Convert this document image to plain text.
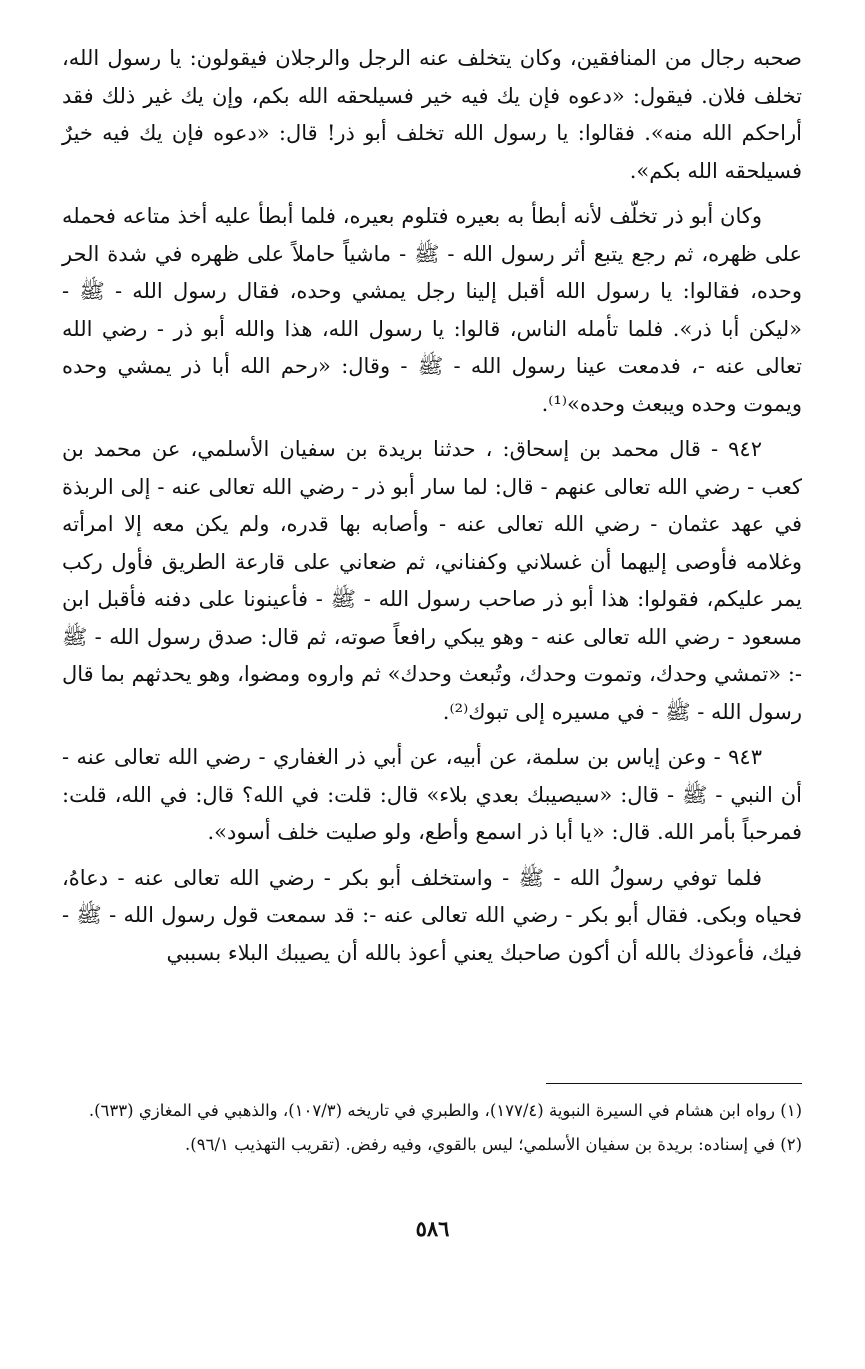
صحبه رجال من المنافقين، وكان يتخلف عنه الرجل والرجلان فيقولون: يا رسول الله، تخلف فلان. فيقول: «دعوه فإن يك فيه خير فسيلحقه الله بكم، وإن يك غير ذلك فقد أراحكم الله منه». فقالوا: يا رسول الله تخلف أبو ذر! قال: «دعوه فإن يك فيه خيرٌ فسيلحقه الله بكم».

وكان أبو ذر تخلّف لأنه أبطأ به بعيره فتلوم بعيره، فلما أبطأ عليه أخذ متاعه فحمله على ظهره، ثم رجع يتبع أثر رسول الله - ﷺ - ماشياً حاملاً على ظهره في شدة الحر وحده، فقالوا: يا رسول الله أقبل إلينا رجل يمشي وحده، فقال رسول الله - ﷺ - «ليكن أبا ذر». فلما تأمله الناس، قالوا: يا رسول الله، هذا والله أبو ذر - رضي الله تعالى عنه -، فدمعت عينا رسول الله - ﷺ - وقال: «رحم الله أبا ذر يمشي وحده ويموت وحده ويبعث وحده»⁽¹⁾.

٩٤٢ - قال محمد بن إسحاق: ، حدثنا بريدة بن سفيان الأسلمي، عن محمد بن كعب - رضي الله تعالى عنهم - قال: لما سار أبو ذر - رضي الله تعالى عنه - إلى الربذة في عهد عثمان - رضي الله تعالى عنه - وأصابه بها قدره، ولم يكن معه إلا امرأته وغلامه فأوصى إليهما أن غسلاني وكفناني، ثم ضعاني على قارعة الطريق فأول ركب يمر عليكم، فقولوا: هذا أبو ذر صاحب رسول الله - ﷺ - فأعينونا على دفنه فأقبل ابن مسعود - رضي الله تعالى عنه - وهو يبكي رافعاً صوته، ثم قال: صدق رسول الله - ﷺ -: «تمشي وحدك، وتموت وحدك، وتُبعث وحدك» ثم واروه ومضوا، وهو يحدثهم بما قال رسول الله - ﷺ - في مسيره إلى تبوك⁽²⁾.

٩٤٣ - وعن إياس بن سلمة، عن أبيه، عن أبي ذر الغفاري - رضي الله تعالى عنه - أن النبي - ﷺ - قال: «سيصيبك بعدي بلاء» قال: قلت: في الله؟ قال: في الله، قلت: فمرحباً بأمر الله. قال: «يا أبا ذر اسمع وأطع، ولو صليت خلف أسود».

فلما توفي رسولُ الله - ﷺ - واستخلف أبو بكر - رضي الله تعالى عنه - دعاهُ، فحياه وبكى. فقال أبو بكر - رضي الله تعالى عنه -: قد سمعت قول رسول الله - ﷺ - فيك، فأعوذك بالله أن أكون صاحبك يعني أعوذ بالله أن يصيبك البلاء بسببي

(١) رواه ابن هشام في السيرة النبوية (١٧٧/٤)، والطبري في تاريخه (١٠٧/٣)، والذهبي في المغازي (٦٣٣).

(٢) في إسناده: بريدة بن سفيان الأسلمي؛ ليس بالقوي، وفيه رفض. (تقريب التهذيب ٩٦/١).

٥٨٦
